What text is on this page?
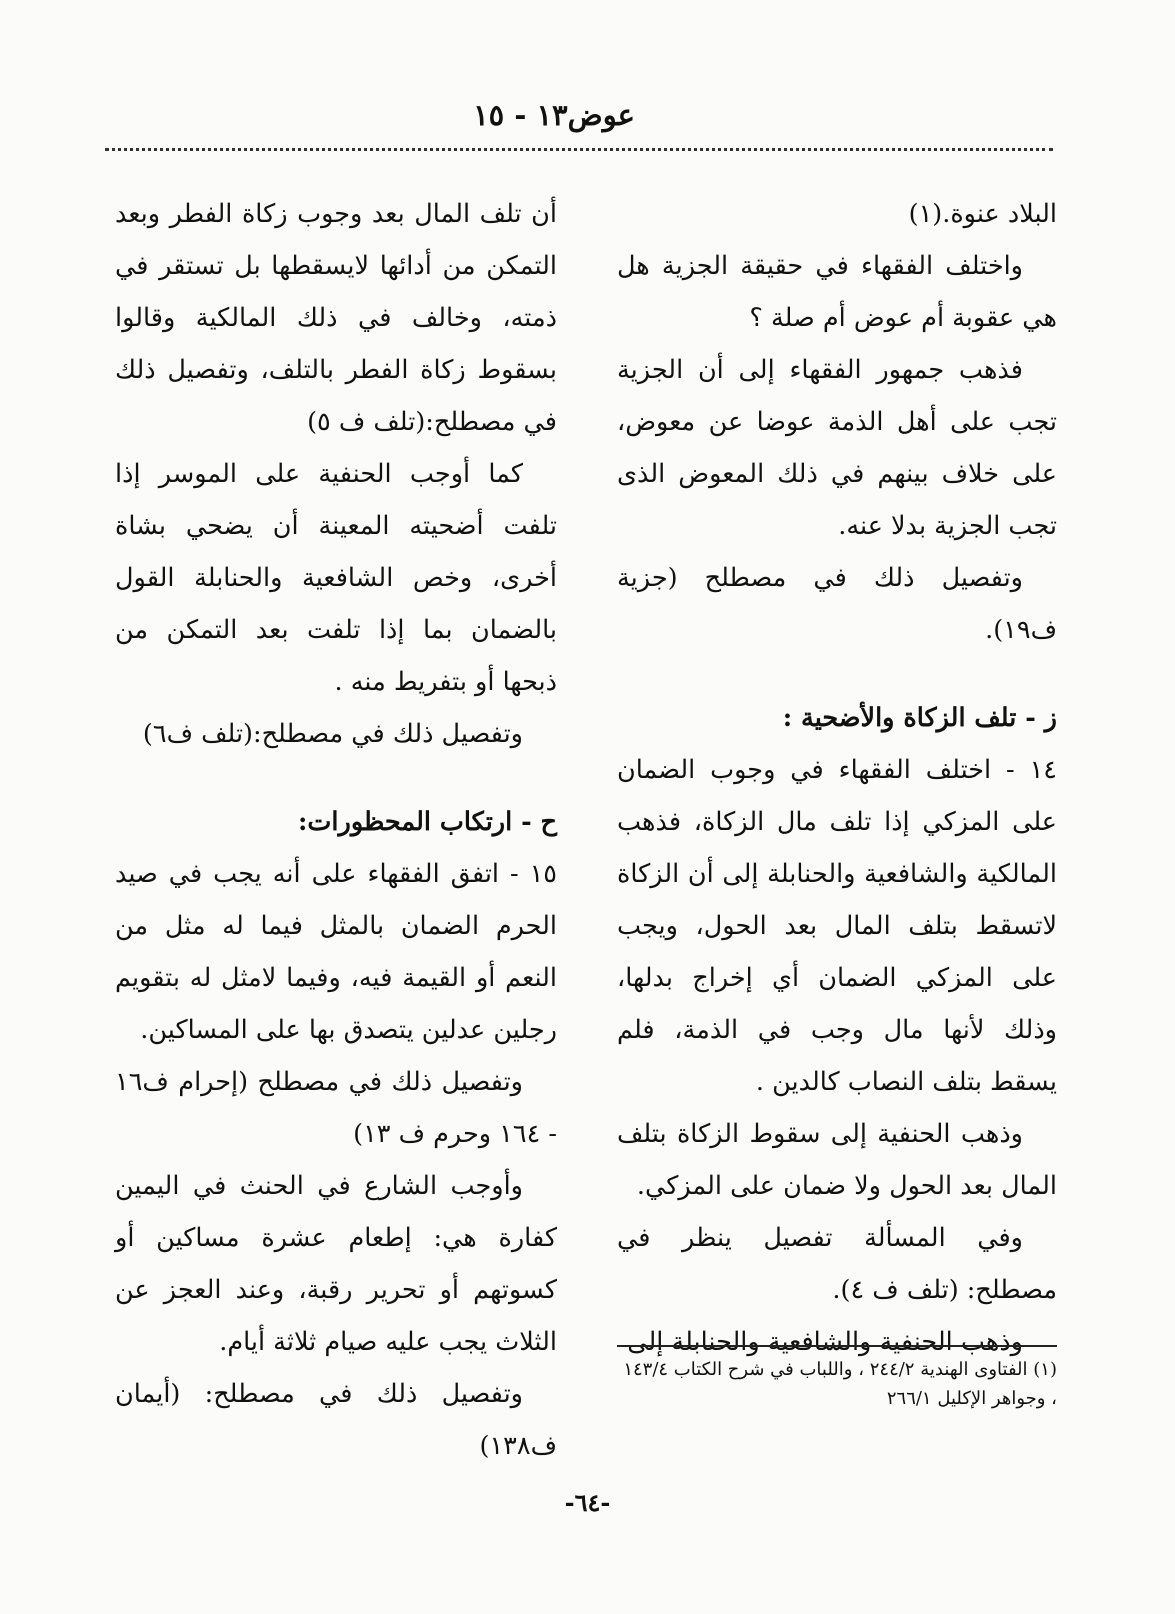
عوض١٣ - ١٥

البلاد عنوة.(١)

واختلف الفقهاء في حقيقة الجزية هل هي عقوبة أم عوض أم صلة ؟

فذهب جمهور الفقهاء إلى أن الجزية تجب على أهل الذمة عوضا عن معوض، على خلاف بينهم في ذلك المعوض الذى تجب الجزية بدلا عنه.

وتفصيل ذلك في مصطلح (جزية ف١٩).

ز - تلف الزكاة والأضحية :

١٤ - اختلف الفقهاء في وجوب الضمان على المزكي إذا تلف مال الزكاة، فذهب المالكية والشافعية والحنابلة إلى أن الزكاة لاتسقط بتلف المال بعد الحول، ويجب على المزكي الضمان أي إخراج بدلها، وذلك لأنها مال وجب في الذمة، فلم يسقط بتلف النصاب كالدين .

وذهب الحنفية إلى سقوط الزكاة بتلف المال بعد الحول ولا ضمان على المزكي.

وفي المسألة تفصيل ينظر في مصطلح: (تلف ف ٤).

وذهب الحنفية والشافعية والحنابلة إلى

أن تلف المال بعد وجوب زكاة الفطر وبعد التمكن من أدائها لايسقطها بل تستقر في ذمته، وخالف في ذلك المالكية وقالوا بسقوط زكاة الفطر بالتلف، وتفصيل ذلك في مصطلح:(تلف ف ٥)

كما أوجب الحنفية على الموسر إذا تلفت أضحيته المعينة أن يضحي بشاة أخرى، وخص الشافعية والحنابلة القول بالضمان بما إذا تلفت بعد التمكن من ذبحها أو بتفريط منه .

وتفصيل ذلك في مصطلح:(تلف ف٦)

ح - ارتكاب المحظورات:

١٥ - اتفق الفقهاء على أنه يجب في صيد الحرم الضمان بالمثل فيما له مثل من النعم أو القيمة فيه، وفيما لامثل له بتقويم رجلين عدلين يتصدق بها على المساكين.

وتفصيل ذلك في مصطلح (إحرام ف١٦ - ١٦٤ وحرم ف ١٣)

وأوجب الشارع في الحنث في اليمين كفارة هي: إطعام عشرة مساكين أو كسوتهم أو تحرير رقبة، وعند العجز عن الثلاث يجب عليه صيام ثلاثة أيام.

وتفصيل ذلك في مصطلح: (أيمان ف١٣٨)

(١) الفتاوى الهندية ٢٤٤/٢ ، واللباب في شرح الكتاب ١٤٣/٤ ، وجواهر الإكليل ٢٦٦/١

-٦٤-
